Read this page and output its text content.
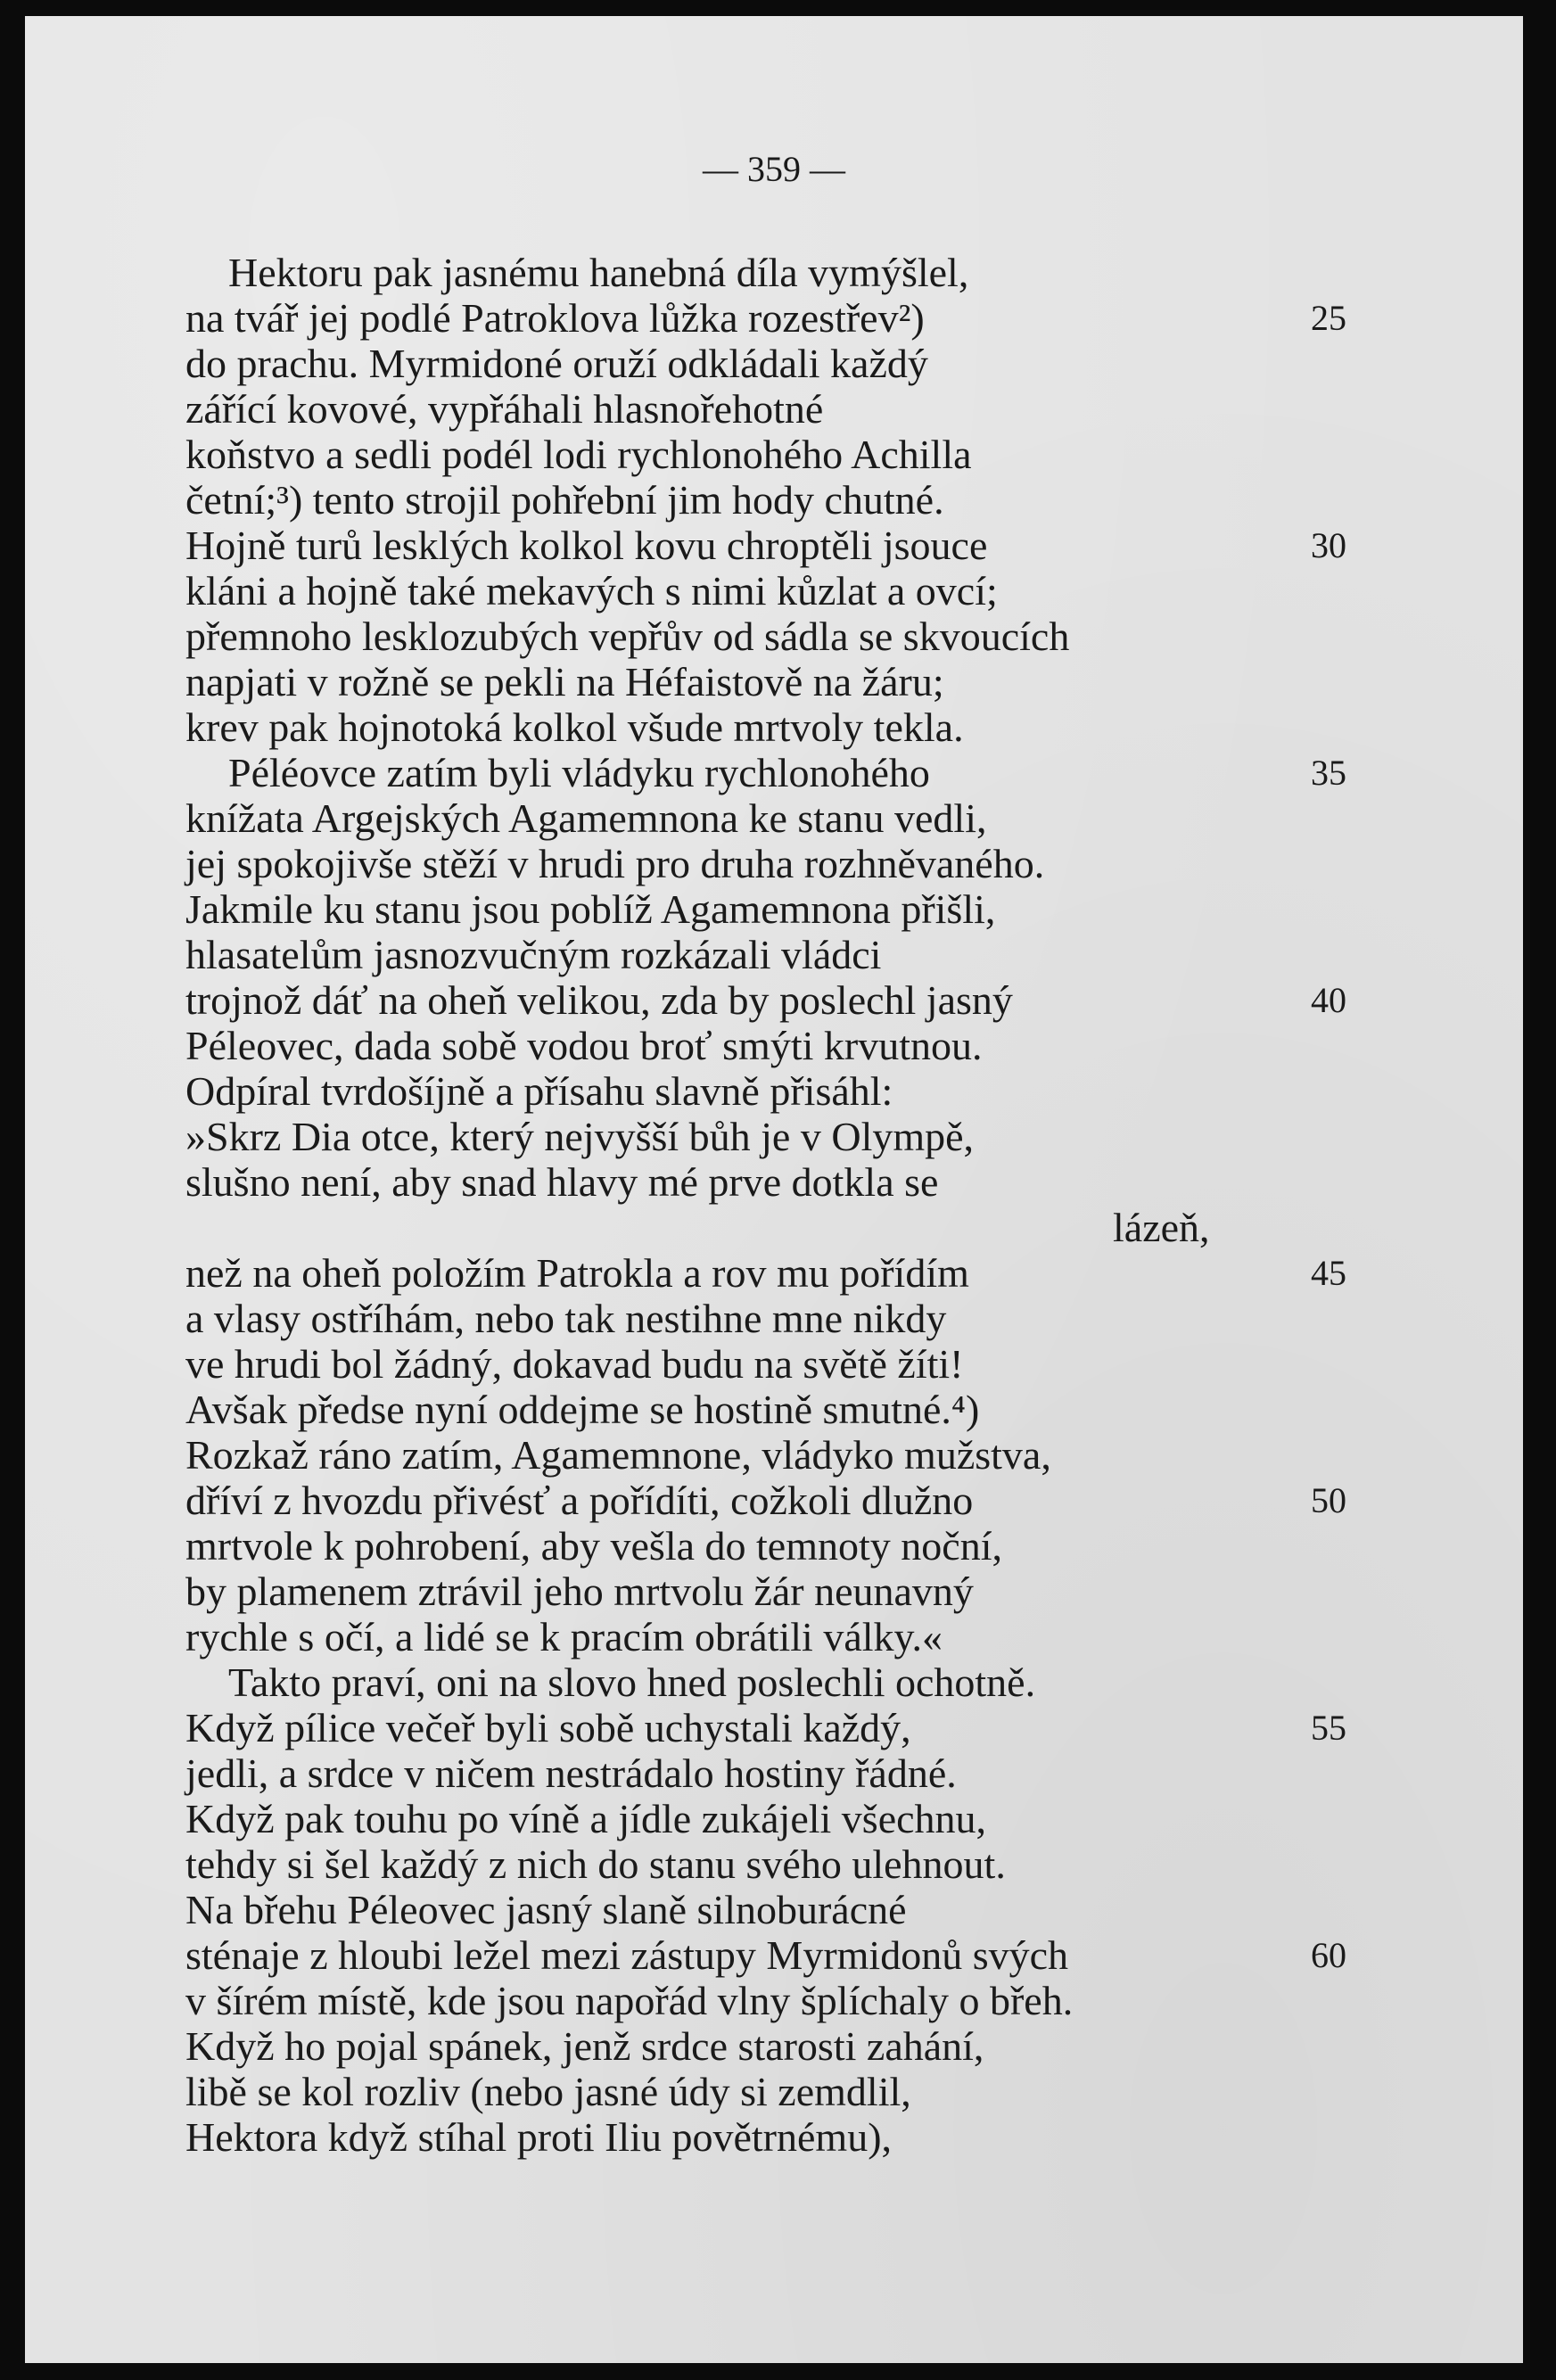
— 359 —
Hektoru pak jasnému hanebná díla vymýšlel,
na tvář jej podlé Patroklova lůžka rozestřev²)	25
do prachu. Myrmidoné oruží odkládali každý
zářící kovové, vypřáhali hlasnořehotné
koňstvo a sedli podél lodi rychlonohého Achilla
četní;³) tento strojil pohřební jim hody chutné.
Hojně turů lesklých kolkol kovu chroptěli jsouce	30
kláni a hojně také mekavých s nimi kůzlat a ovcí;
přemnoho lesklozubých vepřův od sádla se skvoucích
napjati v rožně se pekli na Héfaistově na žáru;
krev pak hojnotoká kolkol všude mrtvoly tekla.
Péléovce zatím byli vládyku rychlonohého	35
knížata Argejských Agamemnona ke stanu vedli,
jej spokojivše stěží v hrudi pro druha rozhněvaného.
Jakmile ku stanu jsou poblíž Agamemnona přišli,
hlasatelům jasnozvučným rozkázali vládci
trojnož dáť na oheň velikou, zda by poslechl jasný	40
Péleovec, dada sobě vodou broť smýti krvutnou.
Odpíral tvrdošíjně a přísahu slavně přisáhl:
»Skrz Dia otce, který nejvyšší bůh je v Olympě,
slušno není, aby snad hlavy mé prve dotkla se
lázeň,
než na oheň položím Patrokla a rov mu pořídím	45
a vlasy ostříhám, nebo tak nestihne mne nikdy
ve hrudi bol žádný, dokavad budu na světě žíti!
Avšak předse nyní oddejme se hostině smutné.⁴)
Rozkaž ráno zatím, Agamemnone, vládyko mužstva,
dříví z hvozdu přivésť a pořídíti, cožkoli dlužno	50
mrtvole k pohrobení, aby vešla do temnoty noční,
by plamenem ztrávil jeho mrtvolu žár neunavný
rychle s očí, a lidé se k pracím obrátili války.«
Takto praví, oni na slovo hned poslechli ochotně.
Když pílice večeř byli sobě uchystali každý,	55
jedli, a srdce v ničem nestrádalo hostiny řádné.
Když pak touhu po víně a jídle zukájeli všechnu,
tehdy si šel každý z nich do stanu svého ulehnout.
Na břehu Péleovec jasný slaně silnoburácné
sténaje z hloubi ležel mezi zástupy Myrmidonů svých	60
v šírém místě, kde jsou napořád vlny šplíchaly o břeh.
Když ho pojal spánek, jenž srdce starosti zahání,
libě se kol rozliv (nebo jasné údy si zemdlil,
Hektora když stíhal proti Iliu povětrnému),
